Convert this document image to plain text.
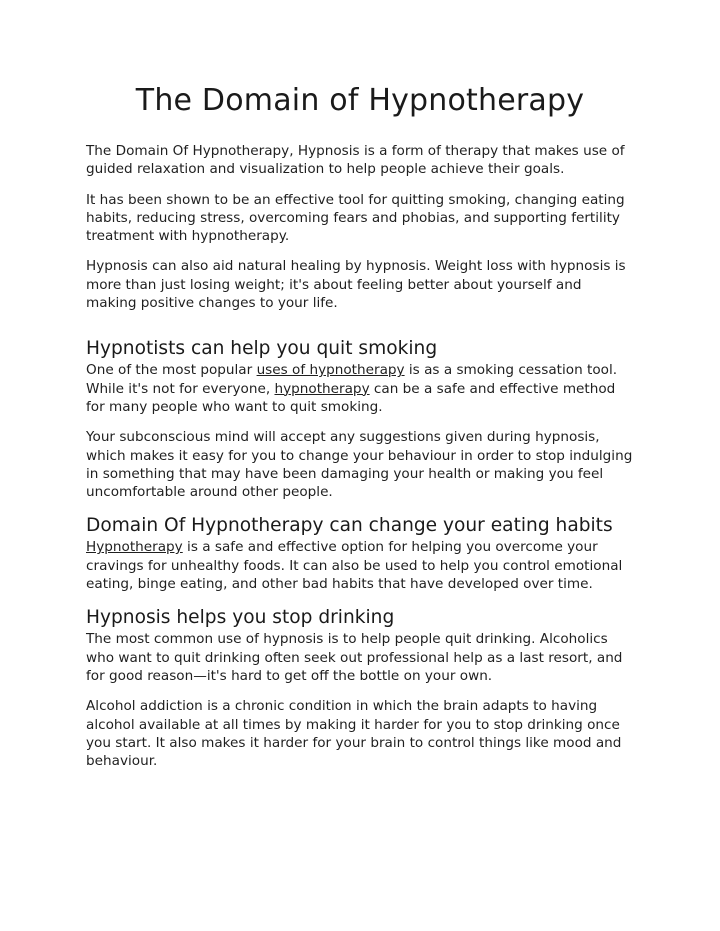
The Domain of Hypnotherapy

The Domain Of Hypnotherapy, Hypnosis is a form of therapy that makes use of guided relaxation and visualization to help people achieve their goals.

It has been shown to be an effective tool for quitting smoking, changing eating habits, reducing stress, overcoming fears and phobias, and supporting fertility treatment with hypnotherapy.

Hypnosis can also aid natural healing by hypnosis. Weight loss with hypnosis is more than just losing weight; it's about feeling better about yourself and making positive changes to your life.

Hypnotists can help you quit smoking

One of the most popular uses of hypnotherapy is as a smoking cessation tool. While it's not for everyone, hypnotherapy can be a safe and effective method for many people who want to quit smoking.

Your subconscious mind will accept any suggestions given during hypnosis, which makes it easy for you to change your behaviour in order to stop indulging in something that may have been damaging your health or making you feel uncomfortable around other people.

Domain Of Hypnotherapy can change your eating habits

Hypnotherapy is a safe and effective option for helping you overcome your cravings for unhealthy foods. It can also be used to help you control emotional eating, binge eating, and other bad habits that have developed over time.

Hypnosis helps you stop drinking

The most common use of hypnosis is to help people quit drinking. Alcoholics who want to quit drinking often seek out professional help as a last resort, and for good reason—it's hard to get off the bottle on your own.

Alcohol addiction is a chronic condition in which the brain adapts to having alcohol available at all times by making it harder for you to stop drinking once you start. It also makes it harder for your brain to control things like mood and behaviour.
